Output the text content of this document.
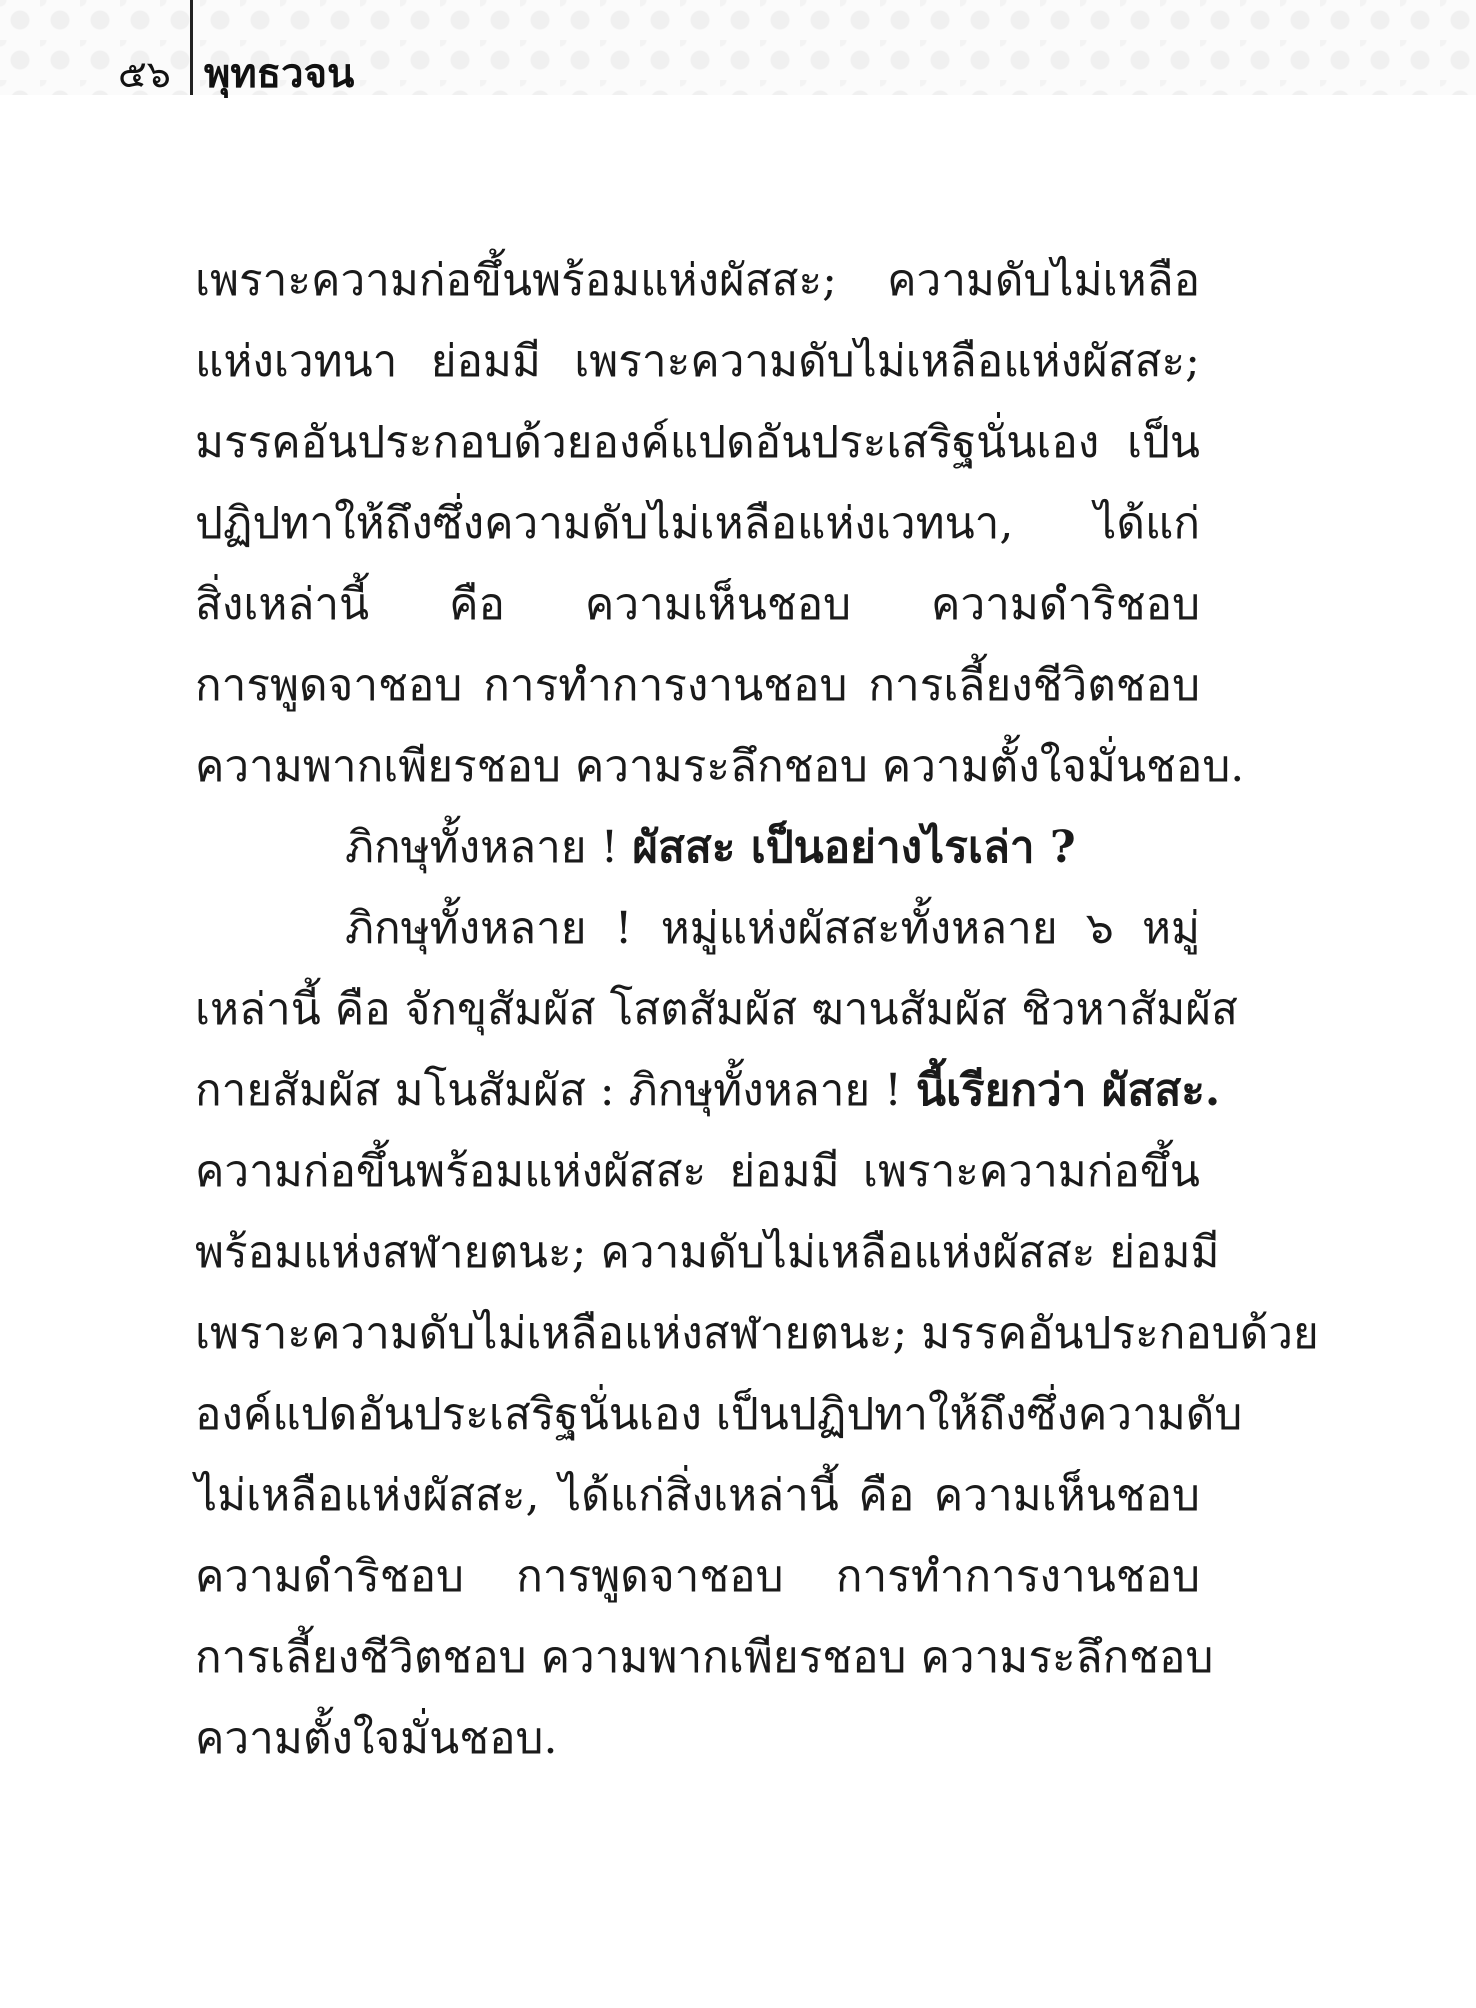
๕๖ พุทธวจน
เพราะความก่อขึ้นพร้อมแห่งผัสสะ; ความดับไม่เหลือ
แห่งเวทนา ย่อมมี เพราะความดับไม่เหลือแห่งผัสสะ;
มรรคอันประกอบด้วยองค์แปดอันประเสริฐนั่นเอง เป็น
ปฏิปทาให้ถึงซึ่งความดับไม่เหลือแห่งเวทนา, ได้แก่
สิ่งเหล่านี้ คือ ความเห็นชอบ ความดำริชอบ
การพูดจาชอบ การทำการงานชอบ การเลี้ยงชีวิตชอบ
ความพากเพียรชอบ ความระลึกชอบ ความตั้งใจมั่นชอบ.
ภิกษุทั้งหลาย ! ผัสสะ เป็นอย่างไรเล่า ?
ภิกษุทั้งหลาย ! หมู่แห่งผัสสะทั้งหลาย ๖ หมู่
เหล่านี้ คือ จักขุสัมผัส โสตสัมผัส ฆานสัมผัส ชิวหาสัมผัส
กายสัมผัส มโนสัมผัส : ภิกษุทั้งหลาย ! นี้เรียกว่า ผัสสะ.
ความก่อขึ้นพร้อมแห่งผัสสะ ย่อมมี เพราะความก่อขึ้น
พร้อมแห่งสฬายตนะ; ความดับไม่เหลือแห่งผัสสะ ย่อมมี
เพราะความดับไม่เหลือแห่งสฬายตนะ; มรรคอันประกอบด้วย
องค์แปดอันประเสริฐนั่นเอง เป็นปฏิปทาให้ถึงซึ่งความดับ
ไม่เหลือแห่งผัสสะ, ได้แก่สิ่งเหล่านี้ คือ ความเห็นชอบ
ความดำริชอบ การพูดจาชอบ การทำการงานชอบ
การเลี้ยงชีวิตชอบ ความพากเพียรชอบ ความระลึกชอบ
ความตั้งใจมั่นชอบ.
